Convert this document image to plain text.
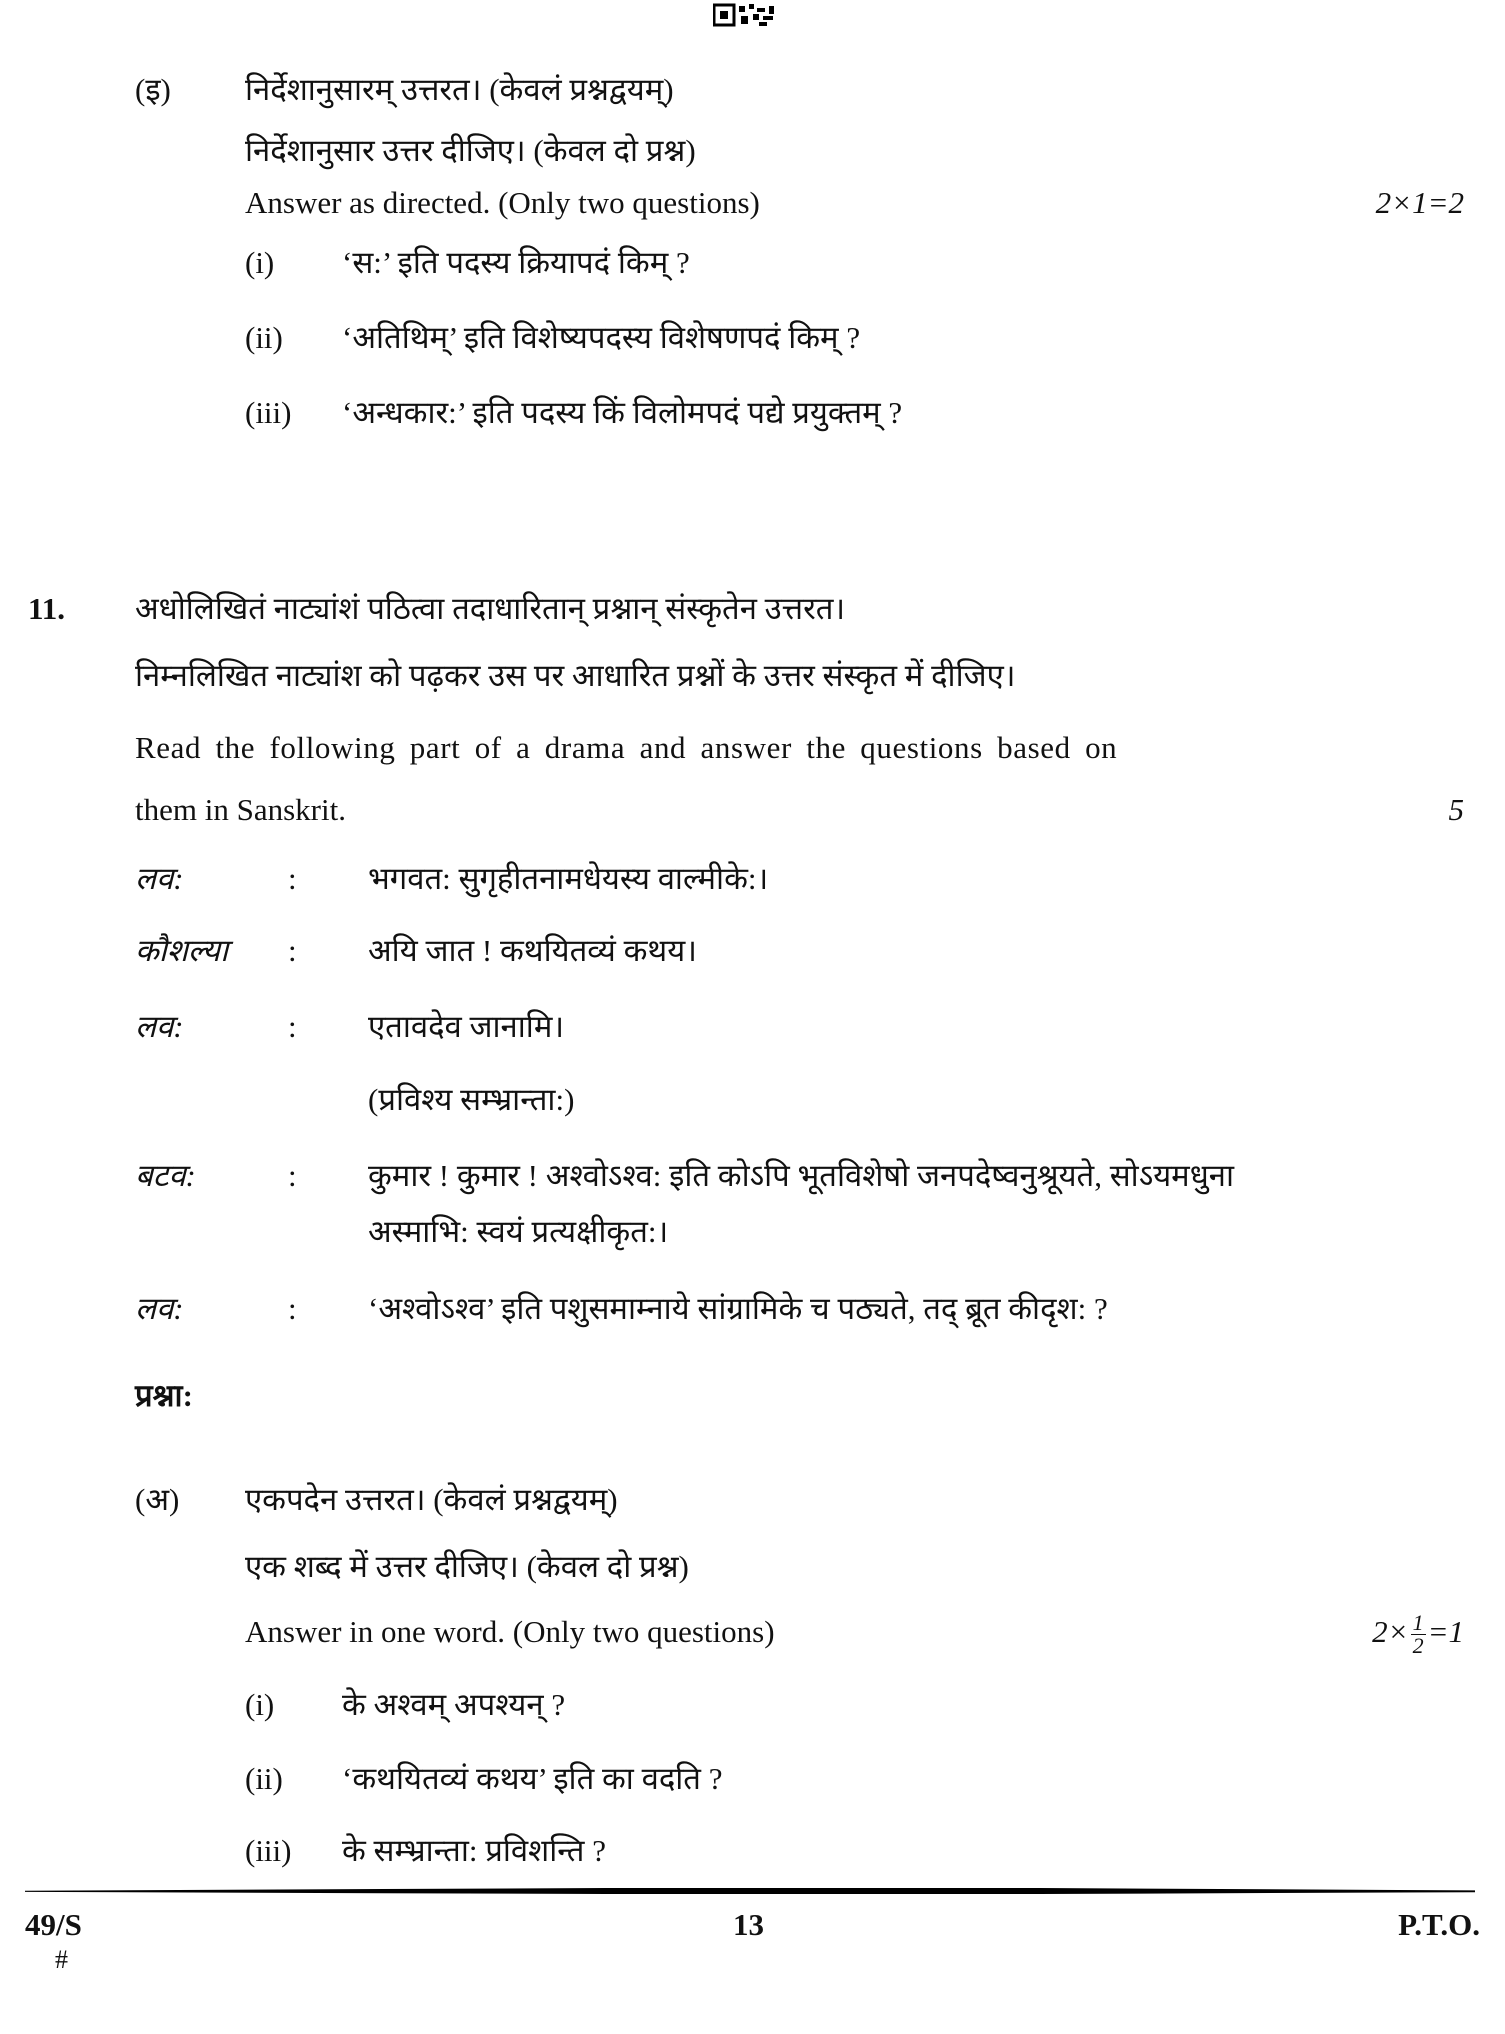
(इ) निर्देशानुसारम् उत्तरत। (केवलं प्रश्नद्वयम्)
निर्देशानुसार उत्तर दीजिए। (केवल दो प्रश्न)
Answer as directed. (Only two questions)	2×1=2
(i) ‘स:’ इति पदस्य क्रियापदं किम् ?
(ii) ‘अतिथिम्’ इति विशेष्यपदस्य विशेषणपदं किम् ?
(iii) ‘अन्धकार:’ इति पदस्य किं विलोमपदं पद्ये प्रयुक्तम् ?
11. अधोलिखितं नाट्यांशं पठित्वा तदाधारितान् प्रश्नान् संस्कृतेन उत्तरत।
निम्नलिखित नाट्यांश को पढ़कर उस पर आधारित प्रश्नों के उत्तर संस्कृत में दीजिए।
Read the following part of a drama and answer the questions based on
them in Sanskrit.	5
लव:	: भगवत: सुगृहीतनामधेयस्य वाल्मीके:।
कौशल्या : अयि जात ! कथयितव्यं कथय।
लव:	: एतावदेव जानामि।
(प्रविश्य सम्भ्रान्ता:)
बटव:	: कुमार ! कुमार ! अश्वोऽश्व: इति कोऽपि भूतविशेषो जनपदेष्वनुश्रूयते, सोऽयमधुना
अस्माभि: स्वयं प्रत्यक्षीकृत:।
लव:	: ‘अश्वोऽश्व’ इति पशुसमाम्नाये सांग्रामिके च पठ्यते, तद् ब्रूत कीदृश: ?
प्रश्ना:
(अ) एकपदेन उत्तरत। (केवलं प्रश्नद्वयम्)
एक शब्द में उत्तर दीजिए। (केवल दो प्रश्न)
Answer in one word. (Only two questions)	$2\times \frac{1}{2} =1$
(i) के अश्वम् अपश्यन् ?
(ii) ‘कथयितव्यं कथय’ इति का वदति ?
(iii) के सम्भ्रान्ता: प्रविशन्ति ?
49/S
#
13	P.T.O.
